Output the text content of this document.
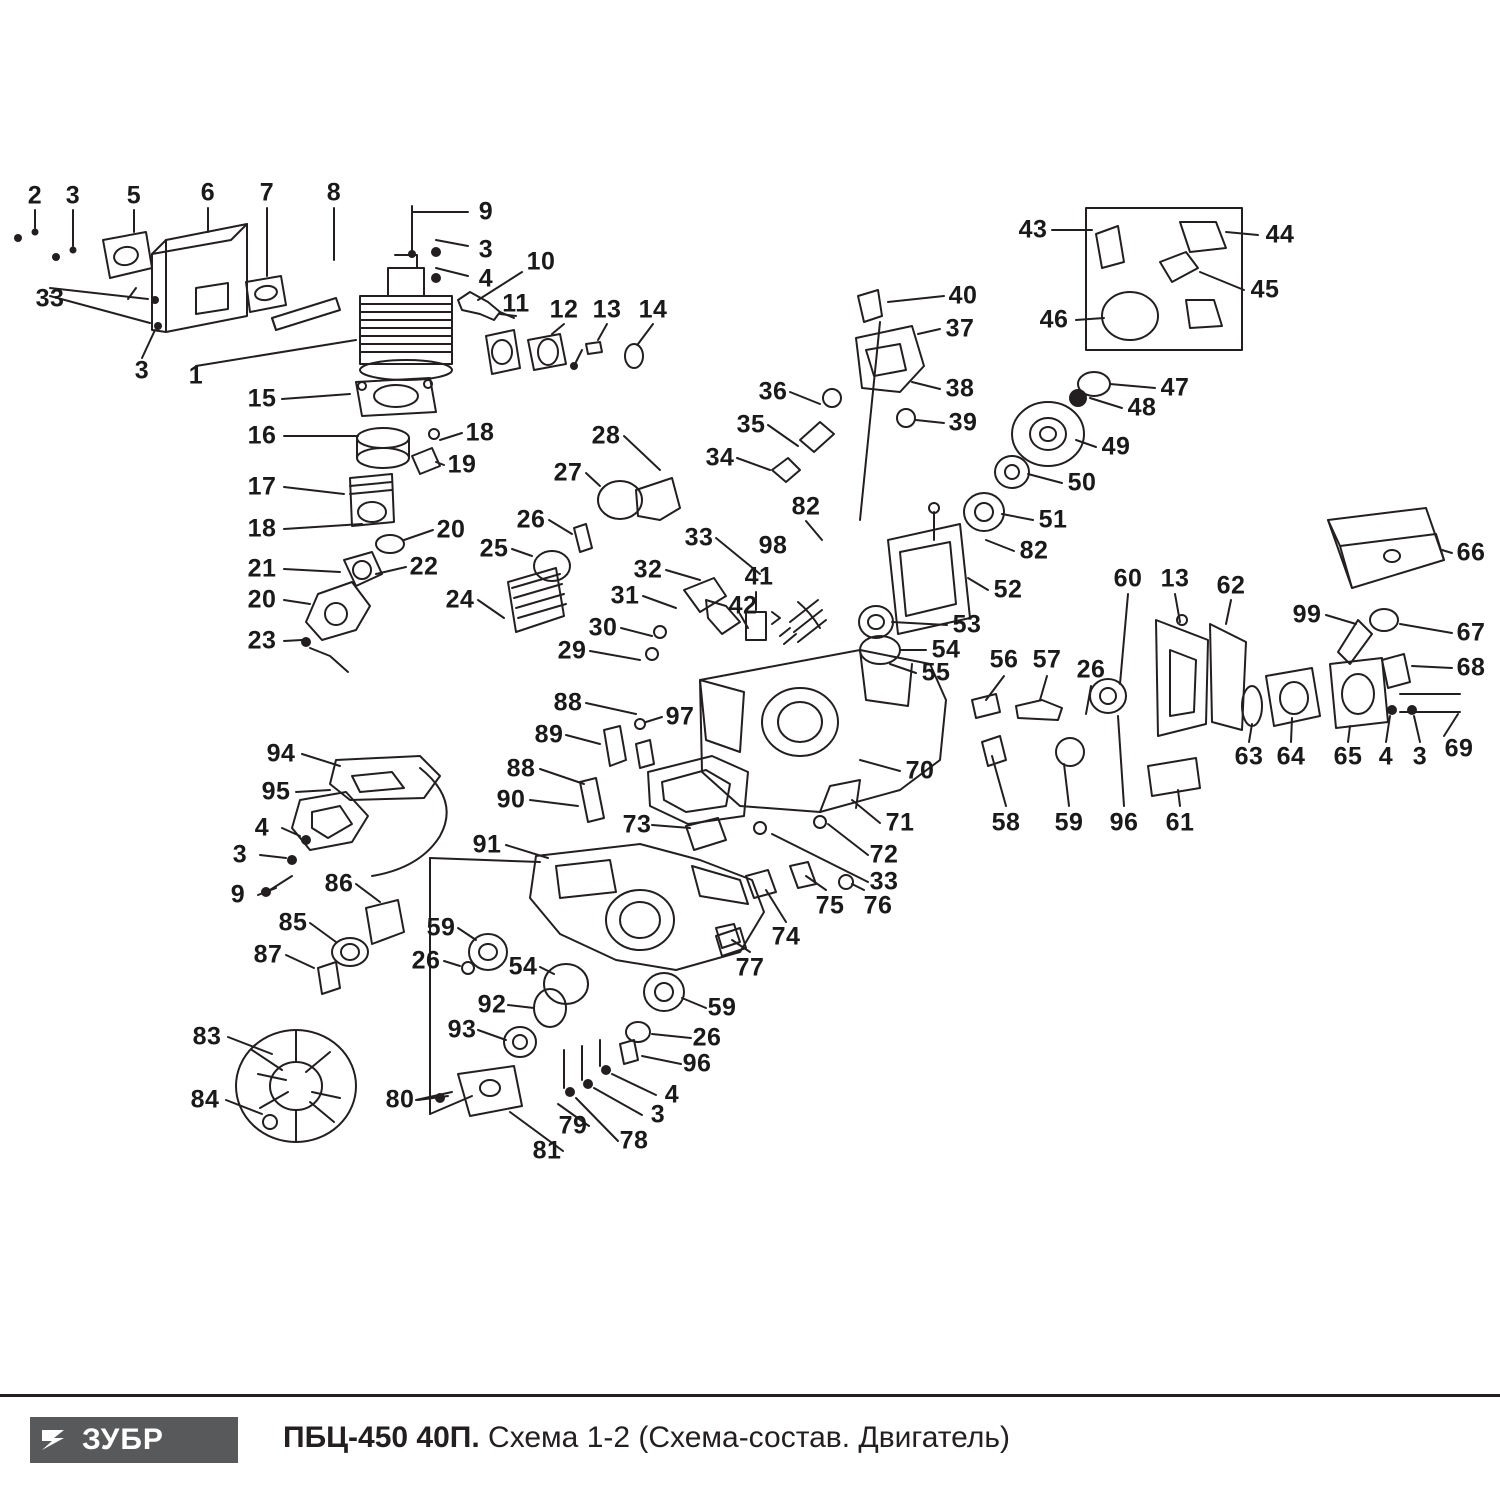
2 3 5 6 7 8
9
3
4
10
11 12 13 14
33
3 1
15
16	18
19
17
18	20
21	22
20
23
24
25
26
27
28
29
30
31
32
33
41
42
98
82
34
35
36
37
38
39
40
43	44
45
46
47
48
49
50
51
82
52
53
54
55 56 57 26
60 13 62
99
66
67
68
69
63 64 65 4 3
58 59 96 61
70
71
72
33
88
89
97
88
90
73
91
94
95
4
3
9	86
85
87
59
26	54
92
93
59
26
96
4
3
78
79
81
80
83
84
74
75 76
77
ЗУБР	ПБЦ-450 40П. Схема 1-2 (Схема-состав. Двигатель)
